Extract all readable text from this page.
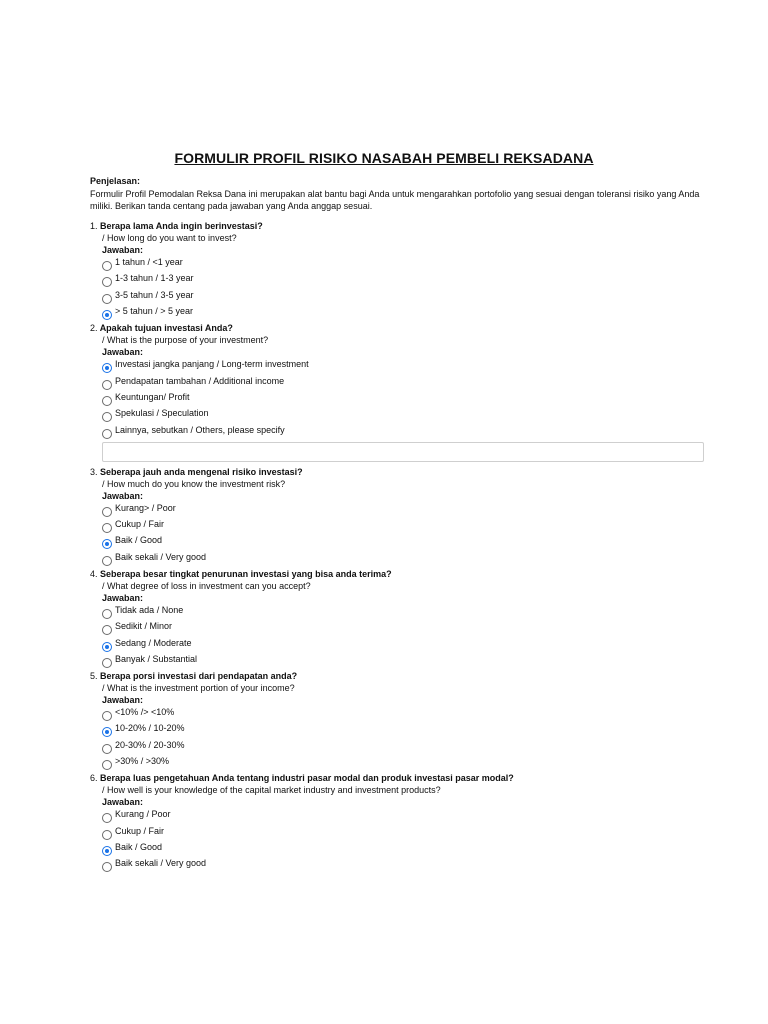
FORMULIR PROFIL RISIKO NASABAH PEMBELI REKSADANA
Penjelasan:
Formulir Profil Pemodalan Reksa Dana ini merupakan alat bantu bagi Anda untuk mengarahkan portofolio yang sesuai dengan toleransi risiko yang Anda miliki. Berikan tanda centang pada jawaban yang Anda anggap sesuai.
1. Berapa lama Anda ingin berinvestasi?
/ How long do you want to invest?
Jawaban:
1 tahun / <1 year
1-3 tahun / 1-3 year
3-5 tahun / 3-5 year
> 5 tahun / > 5 year
2. Apakah tujuan investasi Anda?
/ What is the purpose of your investment?
Jawaban:
Investasi jangka panjang / Long-term investment
Pendapatan tambahan / Additional income
Keuntungan/ Profit
Spekulasi / Speculation
Lainnya, sebutkan / Others, please specify
3. Seberapa jauh anda mengenal risiko investasi?
/ How much do you know the investment risk?
Jawaban:
Kurang> / Poor
Cukup / Fair
Baik / Good
Baik sekali / Very good
4. Seberapa besar tingkat penurunan investasi yang bisa anda terima?
/ What degree of loss in investment can you accept?
Jawaban:
Tidak ada / None
Sedikit / Minor
Sedang / Moderate
Banyak / Substantial
5. Berapa porsi investasi dari pendapatan anda?
/ What is the investment portion of your income?
Jawaban:
<10% /> <10%
10-20% / 10-20%
20-30% / 20-30%
>30% / >30%
6. Berapa luas pengetahuan Anda tentang industri pasar modal dan produk investasi pasar modal?
/ How well is your knowledge of the capital market industry and investment products?
Jawaban:
Kurang / Poor
Cukup / Fair
Baik / Good
Baik sekali / Very good
